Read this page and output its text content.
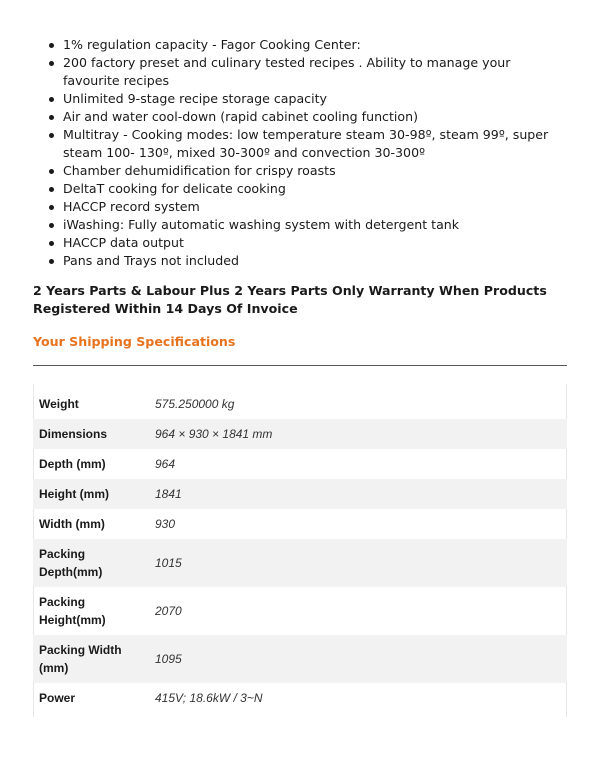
1% regulation capacity - Fagor Cooking Center:
200 factory preset and culinary tested recipes . Ability to manage your favourite recipes
Unlimited 9-stage recipe storage capacity
Air and water cool-down (rapid cabinet cooling function)
Multitray - Cooking modes: low temperature steam 30-98º, steam 99º, super steam 100- 130º, mixed 30-300º and convection 30-300º
Chamber dehumidification for crispy roasts
DeltaT cooking for delicate cooking
HACCP record system
iWashing: Fully automatic washing system with detergent tank
HACCP data output
Pans and Trays not included
2 Years Parts & Labour Plus 2 Years Parts Only Warranty When Products Registered Within 14 Days Of Invoice
Your Shipping Specifications
Weight	575.250000 kg
Dimensions	964 × 930 × 1841 mm
Depth (mm)	964
Height (mm)	1841
Width (mm)	930
Packing Depth(mm)	1015
Packing Height(mm)	2070
Packing Width (mm)	1095
Power	415V; 18.6kW / 3~N
